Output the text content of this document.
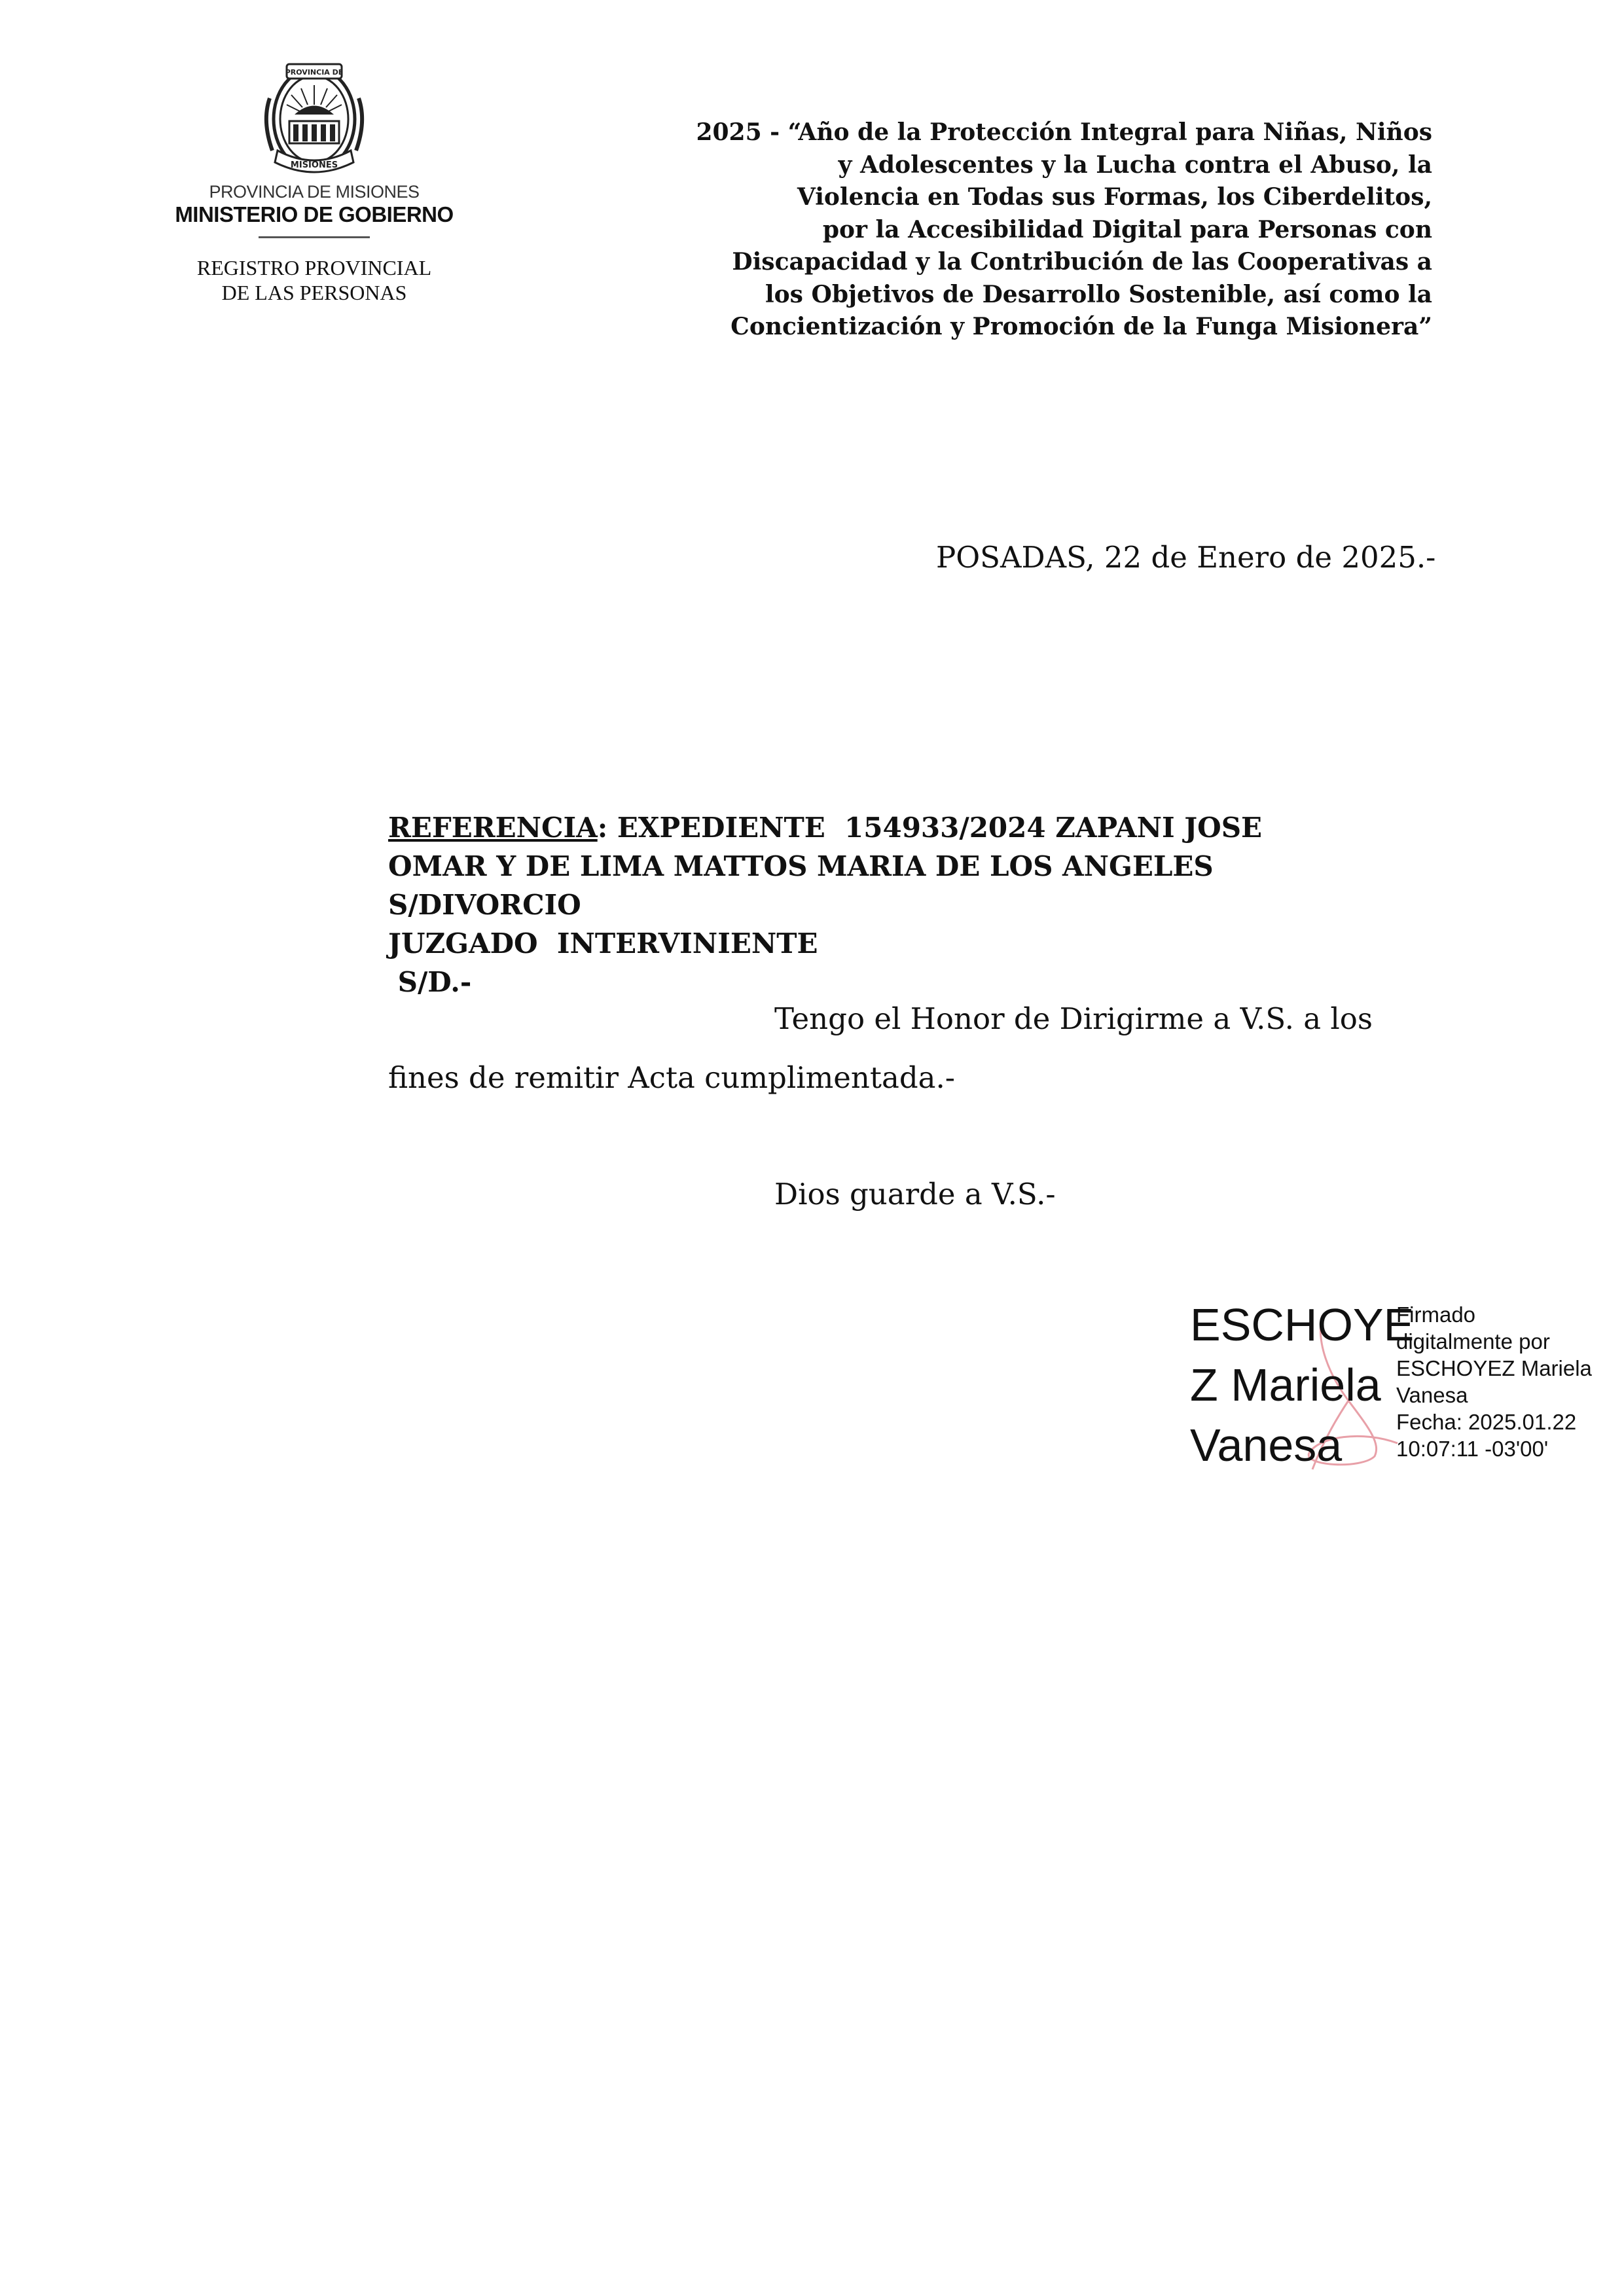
PROVINCIA DE
MISIONES
PROVINCIA DE MISIONES
MINISTERIO DE GOBIERNO
REGISTRO PROVINCIAL
DE LAS PERSONAS
2025 - “Año de la Protección Integral para Niñas, Niños
y Adolescentes y la Lucha contra el Abuso, la
Violencia en Todas sus Formas, los Ciberdelitos,
por la Accesibilidad Digital para Personas con
Discapacidad y la Contribución de las Cooperativas a
los Objetivos de Desarrollo Sostenible, así como la
Concientización y Promoción de la Funga Misionera”
POSADAS, 22 de Enero de 2025.-
REFERENCIA: EXPEDIENTE  154933/2024 ZAPANI JOSE
OMAR Y DE LIMA MATTOS MARIA DE LOS ANGELES
S/DIVORCIO
JUZGADO  INTERVINIENTE
S/D.-
Tengo el Honor de Dirigirme a V.S. a los
fines de remitir Acta cumplimentada.-
Dios guarde a V.S.-
ESCHOYE
Z Mariela
Vanesa
Firmado
digitalmente por
ESCHOYEZ Mariela
Vanesa
Fecha: 2025.01.22
10:07:11 -03'00'
